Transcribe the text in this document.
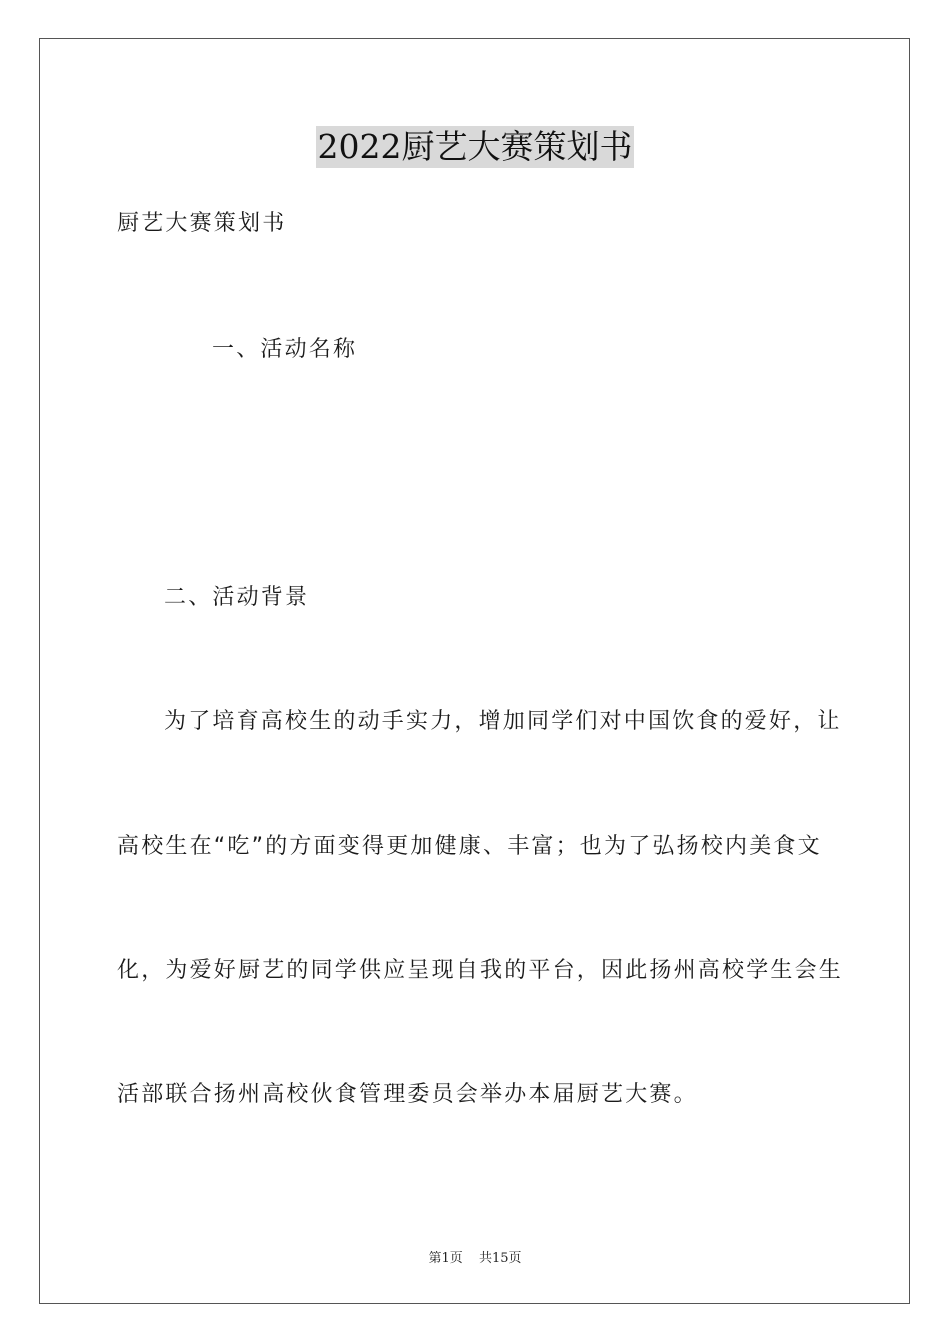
2022厨艺大赛策划书
厨艺大赛策划书
一、活动名称
二、活动背景
为了培育高校生的动手实力，增加同学们对中国饮食的爱好，让
高校生在“吃”的方面变得更加健康、丰富；也为了弘扬校内美食文
化，为爱好厨艺的同学供应呈现自我的平台，因此扬州高校学生会生
活部联合扬州高校伙食管理委员会举办本届厨艺大赛。
第1页 共15页
